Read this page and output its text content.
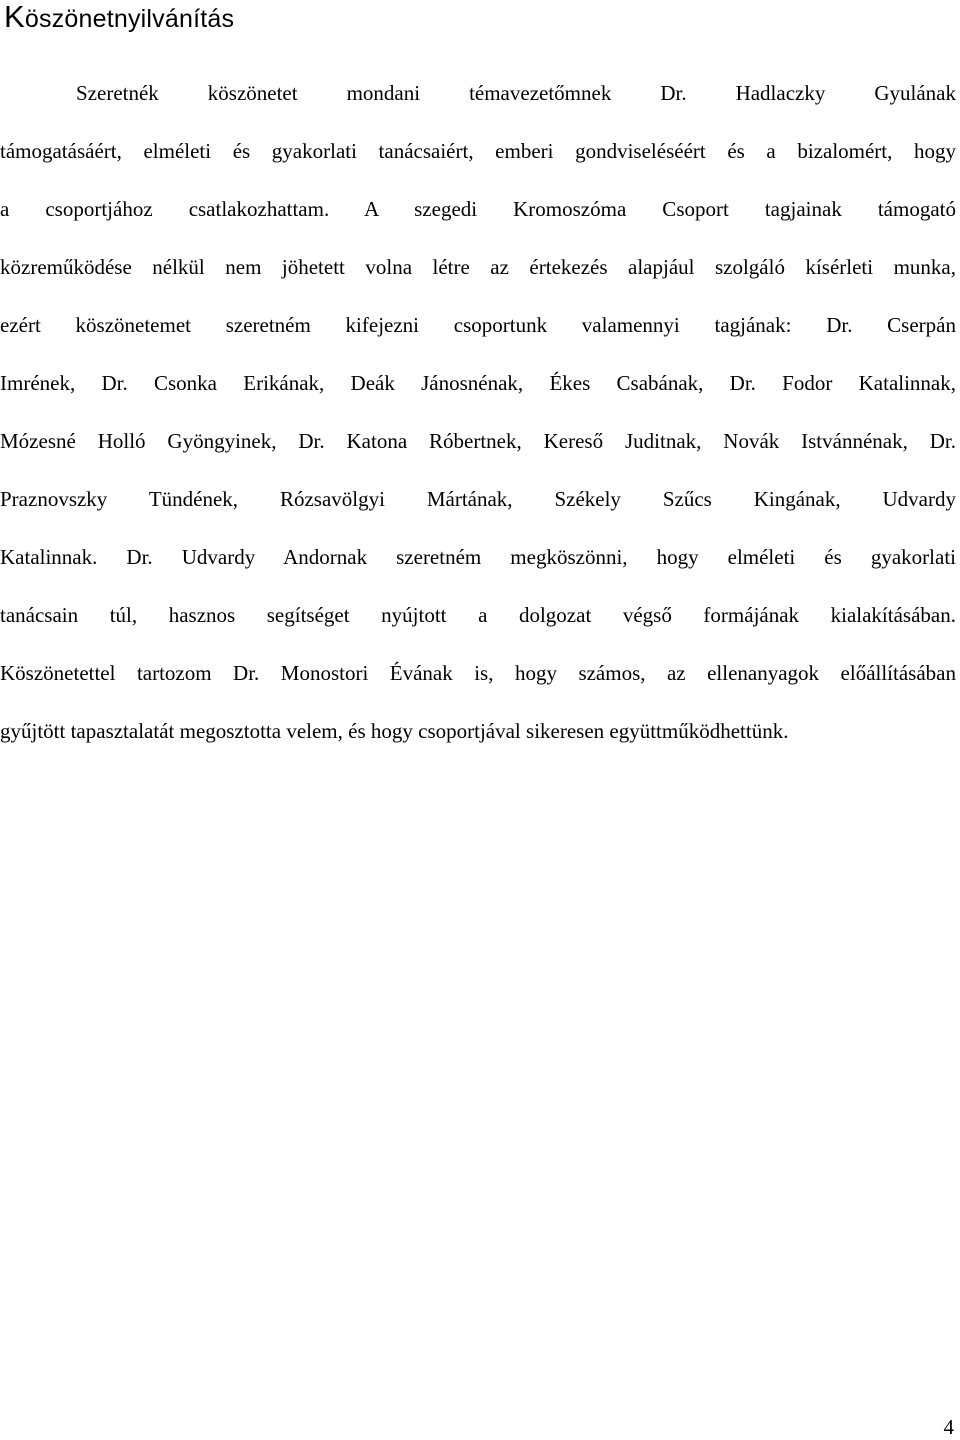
Köszönetnyilvánítás
Szeretnék köszönetet mondani témavezetőmnek Dr. Hadlaczky Gyulának
támogatásáért, elméleti és gyakorlati tanácsaiért, emberi gondviseléséért és a bizalomért, hogy
a csoportjához csatlakozhattam. A szegedi Kromoszóma Csoport tagjainak támogató
közreműködése nélkül nem jöhetett volna létre az értekezés alapjául szolgáló kísérleti munka,
ezért köszönetemet szeretném kifejezni csoportunk valamennyi tagjának: Dr. Cserpán
Imrének, Dr. Csonka Erikának, Deák Jánosnénak, Ékes Csabának, Dr. Fodor Katalinnak,
Mózesné Holló Gyöngyinek, Dr. Katona Róbertnek, Kereső Juditnak, Novák Istvánnénak, Dr.
Praznovszky Tündének, Rózsavölgyi Mártának, Székely Szűcs Kingának, Udvardy
Katalinnak. Dr. Udvardy Andornak szeretném megköszönni, hogy elméleti és gyakorlati
tanácsain túl, hasznos segítséget nyújtott a dolgozat végső formájának kialakításában.
Köszönetettel tartozom Dr. Monostori Évának is, hogy számos, az ellenanyagok előállításában
gyűjtött tapasztalatát megosztotta velem, és hogy csoportjával sikeresen együttműködhettünk.
4
